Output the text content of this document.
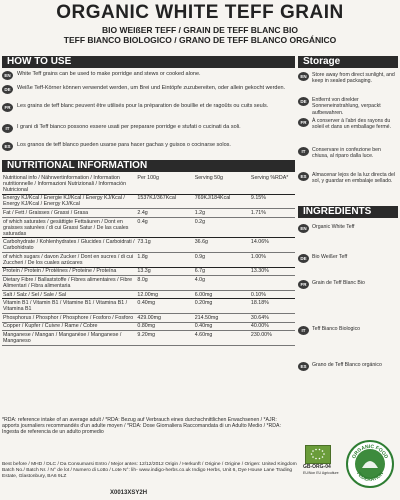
ORGANIC WHITE TEFF GRAIN
BIO WEIßER TEFF / GRAIN DE TEFF BLANC BIO
TEFF BIANCO BIOLOGICO / GRANO DE TEFF BLANCO ORGÁNICO
HOW TO USE
EN	White Teff grains can be used to make porridge and stews or cooked alone.
DE	Weiße Teff-Körner können verwendet werden, um Brei und Eintöpfe zuzubereiten, oder allein gekocht werden.
FR	Les grains de teff blanc peuvent être utilisés pour la préparation de bouillie et de ragoûts ou cuits seuls.
IT	I grani di Teff bianco possono essere usati per preparare porridge e stufati o cucinati da soli.
ES	Los granos de teff blanco pueden usarse para hacer gachas y guisos o cocinarse solos.
Storage
EN	Store away from direct sunlight, and keep in sealed packaging.
DE	Entfernt von direkter Sonneneinstrahlung, verpackt aufbewahren.
FR	À conserver à l'abri des rayons du soleil et dans un emballage fermé.
IT	Conservare in confezione ben chiusa, al riparo dalla luce.
ES	Almacenar lejos de la luz directa del sol, y guardar en embalaje sellado.
INGREDIENTS
EN	Organic White Teff
DE	Bio Weißer Teff
FR	Grain de Teff Blanc Bio
IT	Teff Bianco Biologico
ES	Grano de Teff Blanco orgánico
NUTRITIONAL INFORMATION
Nutritional info / Nährwertinformation / Information nutritionnelle / Informazioni Nutrizionali / Información Nutricional	Per 100g	Serving 50g	Serving %RDA*
Energy KJ/Kcal / Energie KJ/Kcal / Energy KJ/Kcal / Energy KJ/Kcal / Energy KJ/Kcal	1537KJ/367Kcal	769KJ/184Kcal	9.15%
Fat / Fett / Graisses / Grassi / Grasa	2.4g	1.2g	1.71%
of which saturates / gesättigte Fettsäuren / Dont en graisses saturées / di cui Grassi Satur / De las cuales saturadas	0.4g	0.2g	
Carbohydrate / Kohlenhydrates / Glucides / Carboidrati / Carbohidrato	73.1g	36.6g	14.06%
of which sugars / davon Zucker / Dont en sucres / di cui Zuccheri / De los cuales azúcares	1.8g	0.9g	1.00%
Protein / Protein / Protéines / Proteine / Proteína	13.3g	6.7g	13.30%
Dietary Fibre / Ballaststoffe / Fibres alimentaires / Fibre Alimentari / Fibra alimentaria	8.0g	4.0g	
Salt / Salz / Sel / Sale / Sal	12.00mg	6.00mg	0.10%
Vitamin B1 / Vitamin B1 / Vitamine B1 / Vitamina B1 / Vitamina B1	0.40mg	0.20mg	18.18%
Phosphorus / Phosphor / Phosphore / Fosforo / Fosforo	429.00mg	214.50mg	30.64%
Copper / Kupfer / Cuivre / Rame / Cobre	0.80mg	0.40mg	40.00%
Manganese / Mangan / Manganèse / Manganese / Manganeso	9.20mg	4.60mg	230.00%
*RDA: reference intake of an average adult / *RDA: Bezug auf Verbrauch eines durchschnittlichen Erwachsenen / *AJR: apports journaliers recommandés d'un adulte moyen / *RDA: Dose Giornaliera Raccomandata di un Adulto Medio / *RDA: Ingesta de referencia de un adulto promedio
Best before / MHD / DLC / Da Consumarsi Entro / Mejor antes: 12/12/2012 Origin / Herkunft / Origine / Origine / Origen: United Kingdom Batch No./ Batch Nr. / N° de lot / Numero di Lotto / Lote N°: lih- www.indigo-herbs.co.uk Indigo Herbs, Unit 6, Dye House Lane Trading Estate, Glastonbury, BA6 9LZ
X0013XSY2H
GB-ORG-04
EU/Non EU Agriculture
ORGANIC FOOD
FEDERATION
